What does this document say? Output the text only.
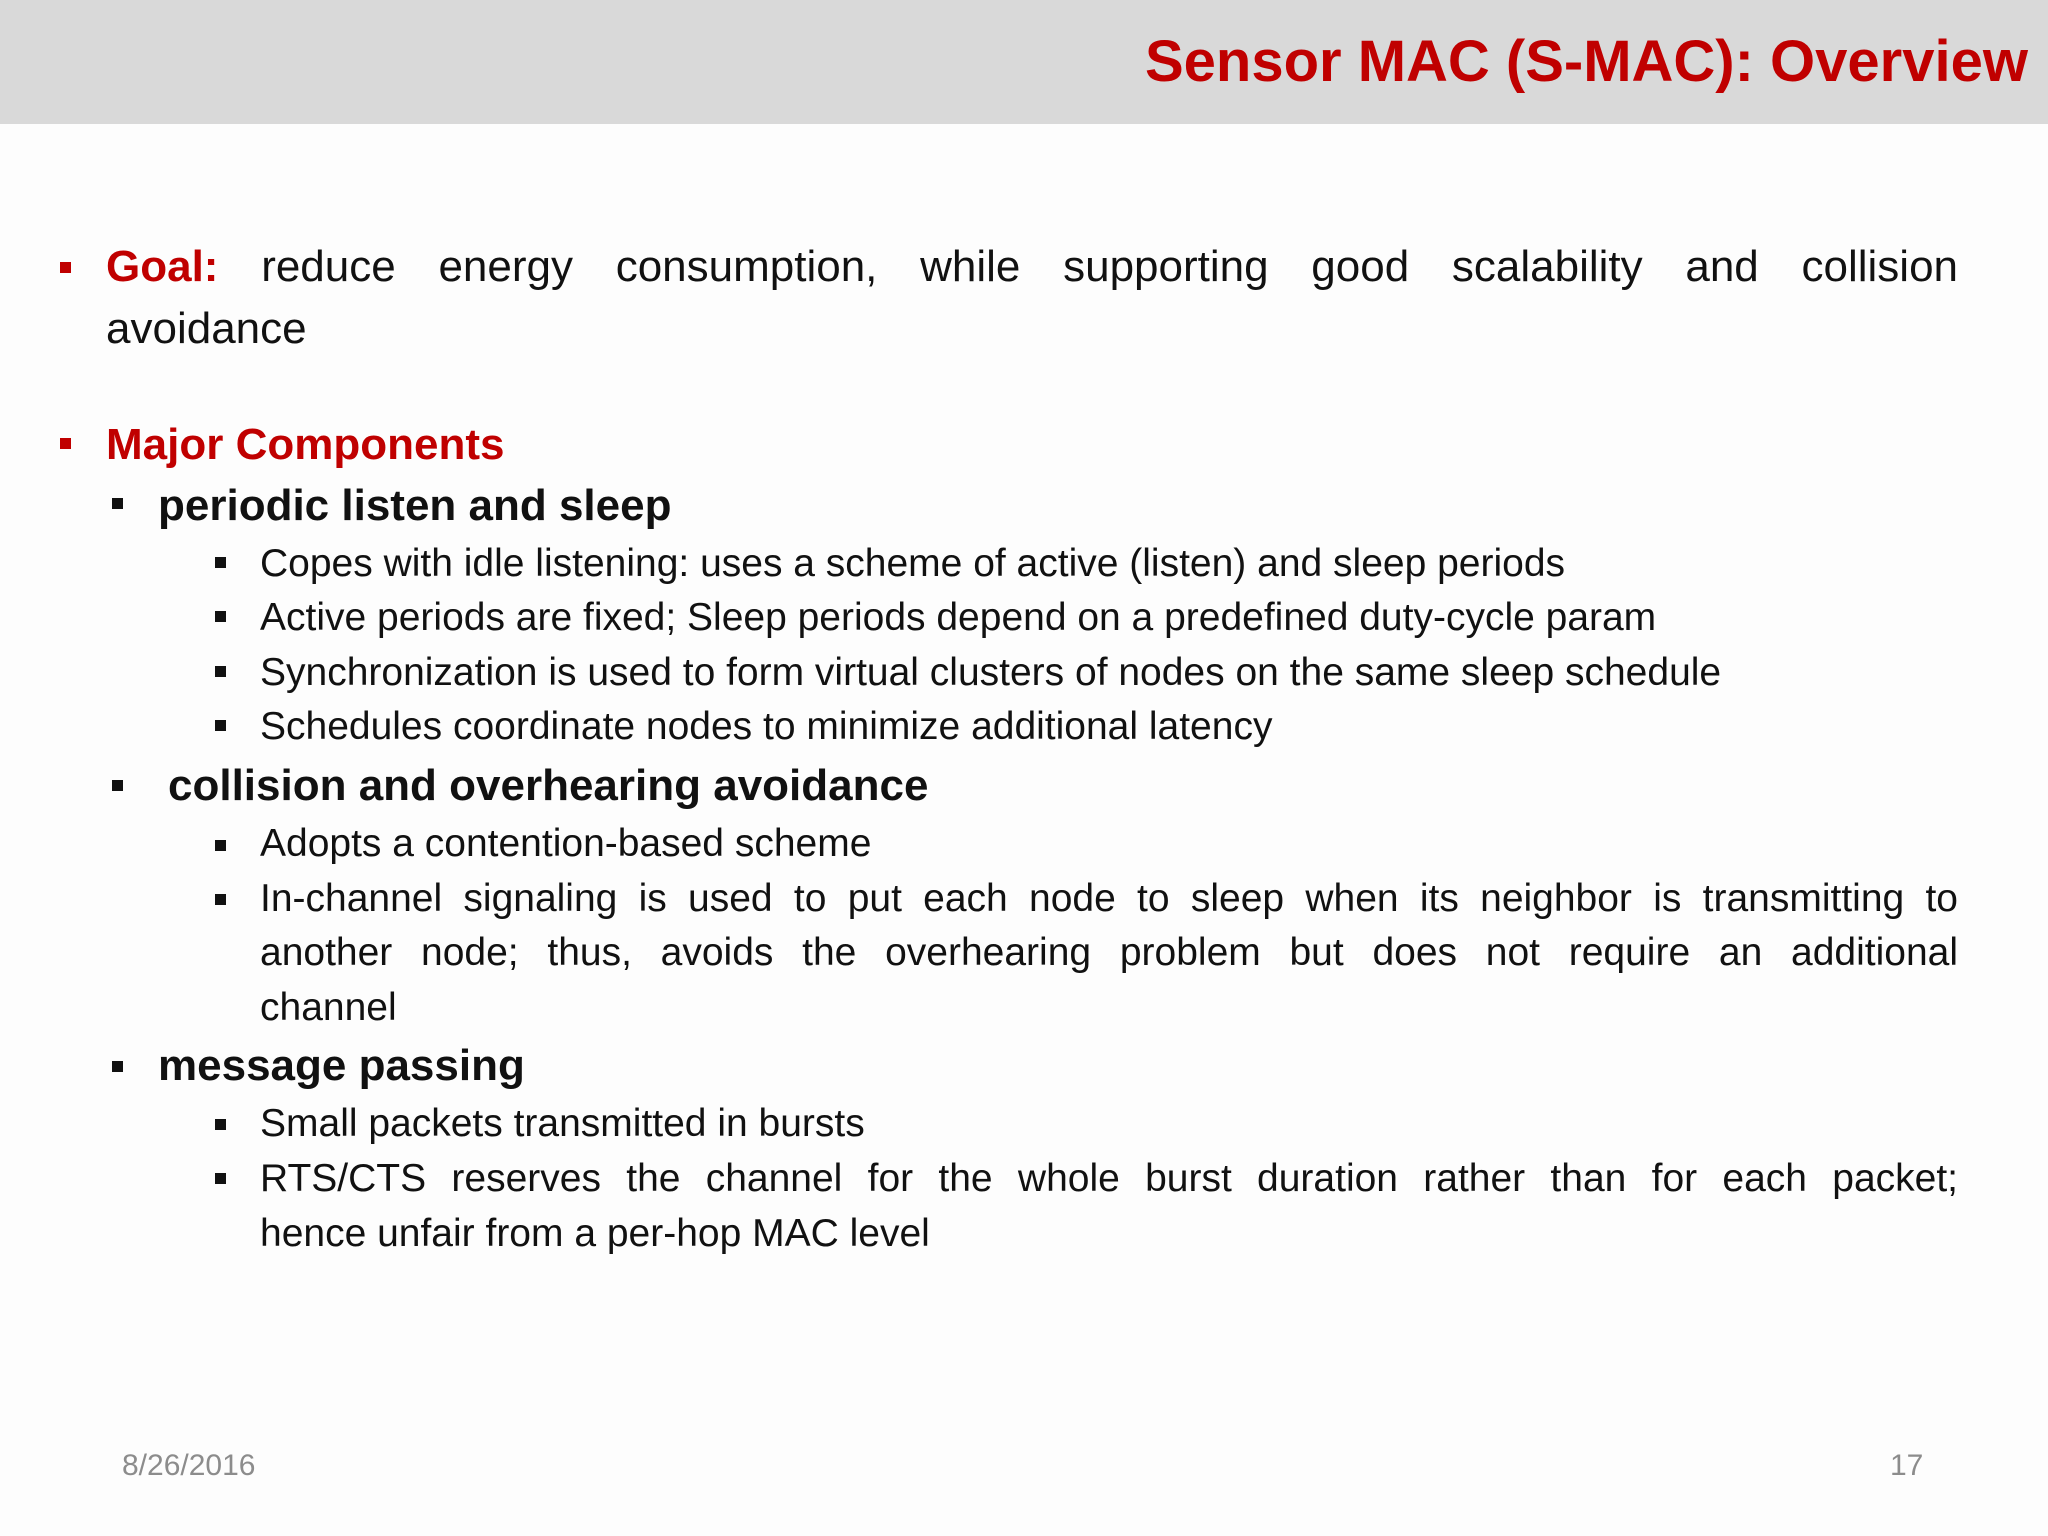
Sensor MAC (S-MAC): Overview
Goal: reduce energy consumption, while supporting good scalability and collision
avoidance
Major Components
periodic listen and sleep
Copes with idle listening: uses a scheme of active (listen) and sleep periods
Active periods are fixed; Sleep periods depend on a predefined duty-cycle param
Synchronization is used to form virtual clusters of nodes on the same sleep schedule
Schedules coordinate nodes to minimize additional latency
collision and overhearing avoidance
Adopts a contention-based scheme
In-channel signaling is used to put each node to sleep when its neighbor is transmitting to
another node; thus, avoids the overhearing problem but does not require an additional
channel
message passing
Small packets transmitted in bursts
RTS/CTS reserves the channel for the whole burst duration rather than for each packet;
hence unfair from a per-hop MAC level
8/26/2016	17
